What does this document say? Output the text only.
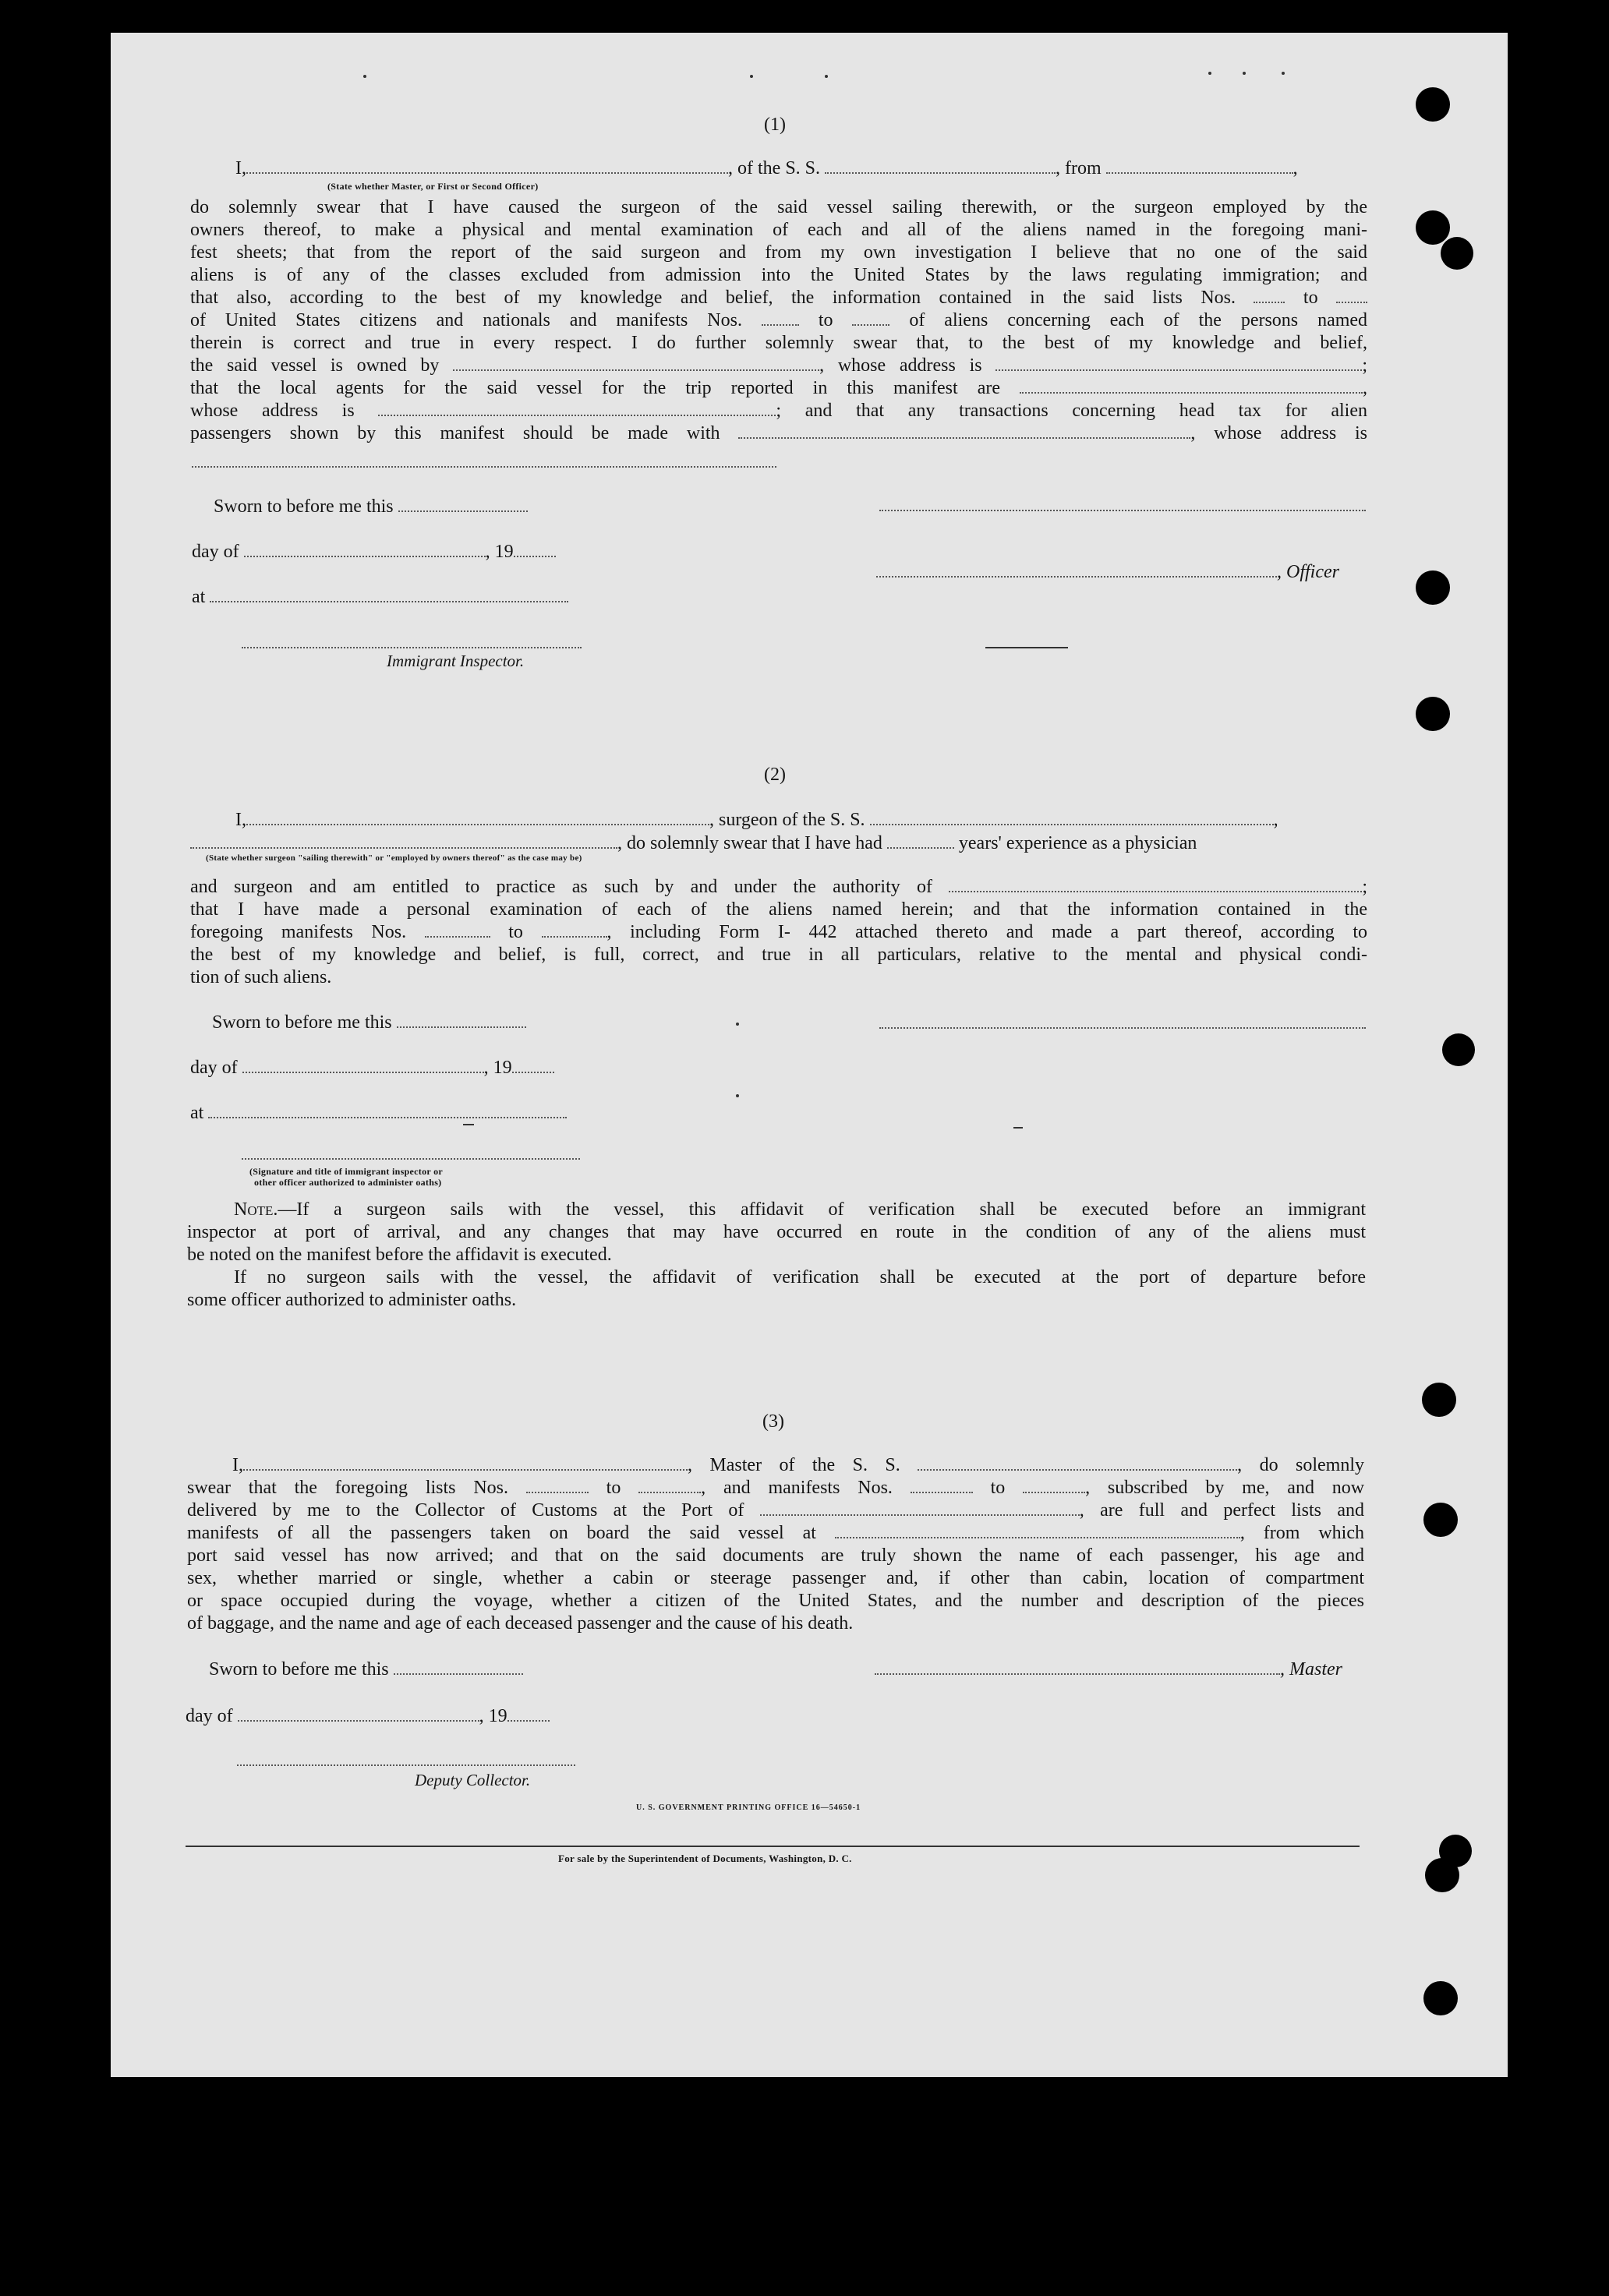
(1)
I,	, of the S. S.	, from	,
(State whether Master, or First or Second Officer)

do solemnly swear that I have caused the surgeon of the said vessel sailing therewith, or the surgeon employed by the

owners thereof, to make a physical and mental examination of each and all of the aliens named in the foregoing mani-

fest sheets; that from the report of the said surgeon and from my own investigation I believe that no one of the said

aliens is of any of the classes excluded from admission into the United States by the laws regulating immigration; and

that also, according to the best of my knowledge and belief, the information contained in the said lists Nos.	to

of United States citizens and nationals and manifests Nos.	to	of aliens concerning each of the persons named

therein is correct and true in every respect. I do further solemnly swear that, to the best of my knowledge and belief,

the said vessel is owned by	, whose address is	;

that the local agents for the said vessel for the trip reported in this manifest are	,

whose address is	; and that any transactions concerning head tax for alien

passengers shown by this manifest should be made with	, whose address is

Sworn to before me this
day of	, 19
, Officer
at
Immigrant Inspector.
(2)
I,	, surgeon of the S. S.	,
, do solemnly swear that I have had	years' experience as a physician
(State whether surgeon "sailing therewith" or "employed by owners thereof" as the case may be)

and surgeon and am entitled to practice as such by and under the authority of	;

that I have made a personal examination of each of the aliens named herein; and that the information contained in the

foregoing manifests Nos.	to	, including Form I- 442 attached thereto and made a part thereof, according to

the best of my knowledge and belief, is full, correct, and true in all particulars, relative to the mental and physical condi-

tion of such aliens.

Sworn to before me this
day of	, 19
at
(Signature and title of immigrant inspector or
other officer authorized to administer oaths)

Note.—If a surgeon sails with the vessel, this affidavit of verification shall be executed before an immigrant

inspector at port of arrival, and any changes that may have occurred en route in the condition of any of the aliens must

be noted on the manifest before the affidavit is executed.

If no surgeon sails with the vessel, the affidavit of verification shall be executed at the port of departure before

some officer authorized to administer oaths.

(3)

I,	, Master of the S. S.	, do solemnly

swear that the foregoing lists Nos.	to	, and manifests Nos.	to	, subscribed by me, and now

delivered by me to the Collector of Customs at the Port of	, are full and perfect lists and

manifests of all the passengers taken on board the said vessel at	, from which

port said vessel has now arrived; and that on the said documents are truly shown the name of each passenger, his age and

sex, whether married or single, whether a cabin or steerage passenger and, if other than cabin, location of compartment

or space occupied during the voyage, whether a citizen of the United States, and the number and description of the pieces

of baggage, and the name and age of each deceased passenger and the cause of his death.

Sworn to before me this	, Master
day of	, 19
Deputy Collector.
U. S. GOVERNMENT PRINTING OFFICE 16—54650-1
For sale by the Superintendent of Documents, Washington, D. C.
